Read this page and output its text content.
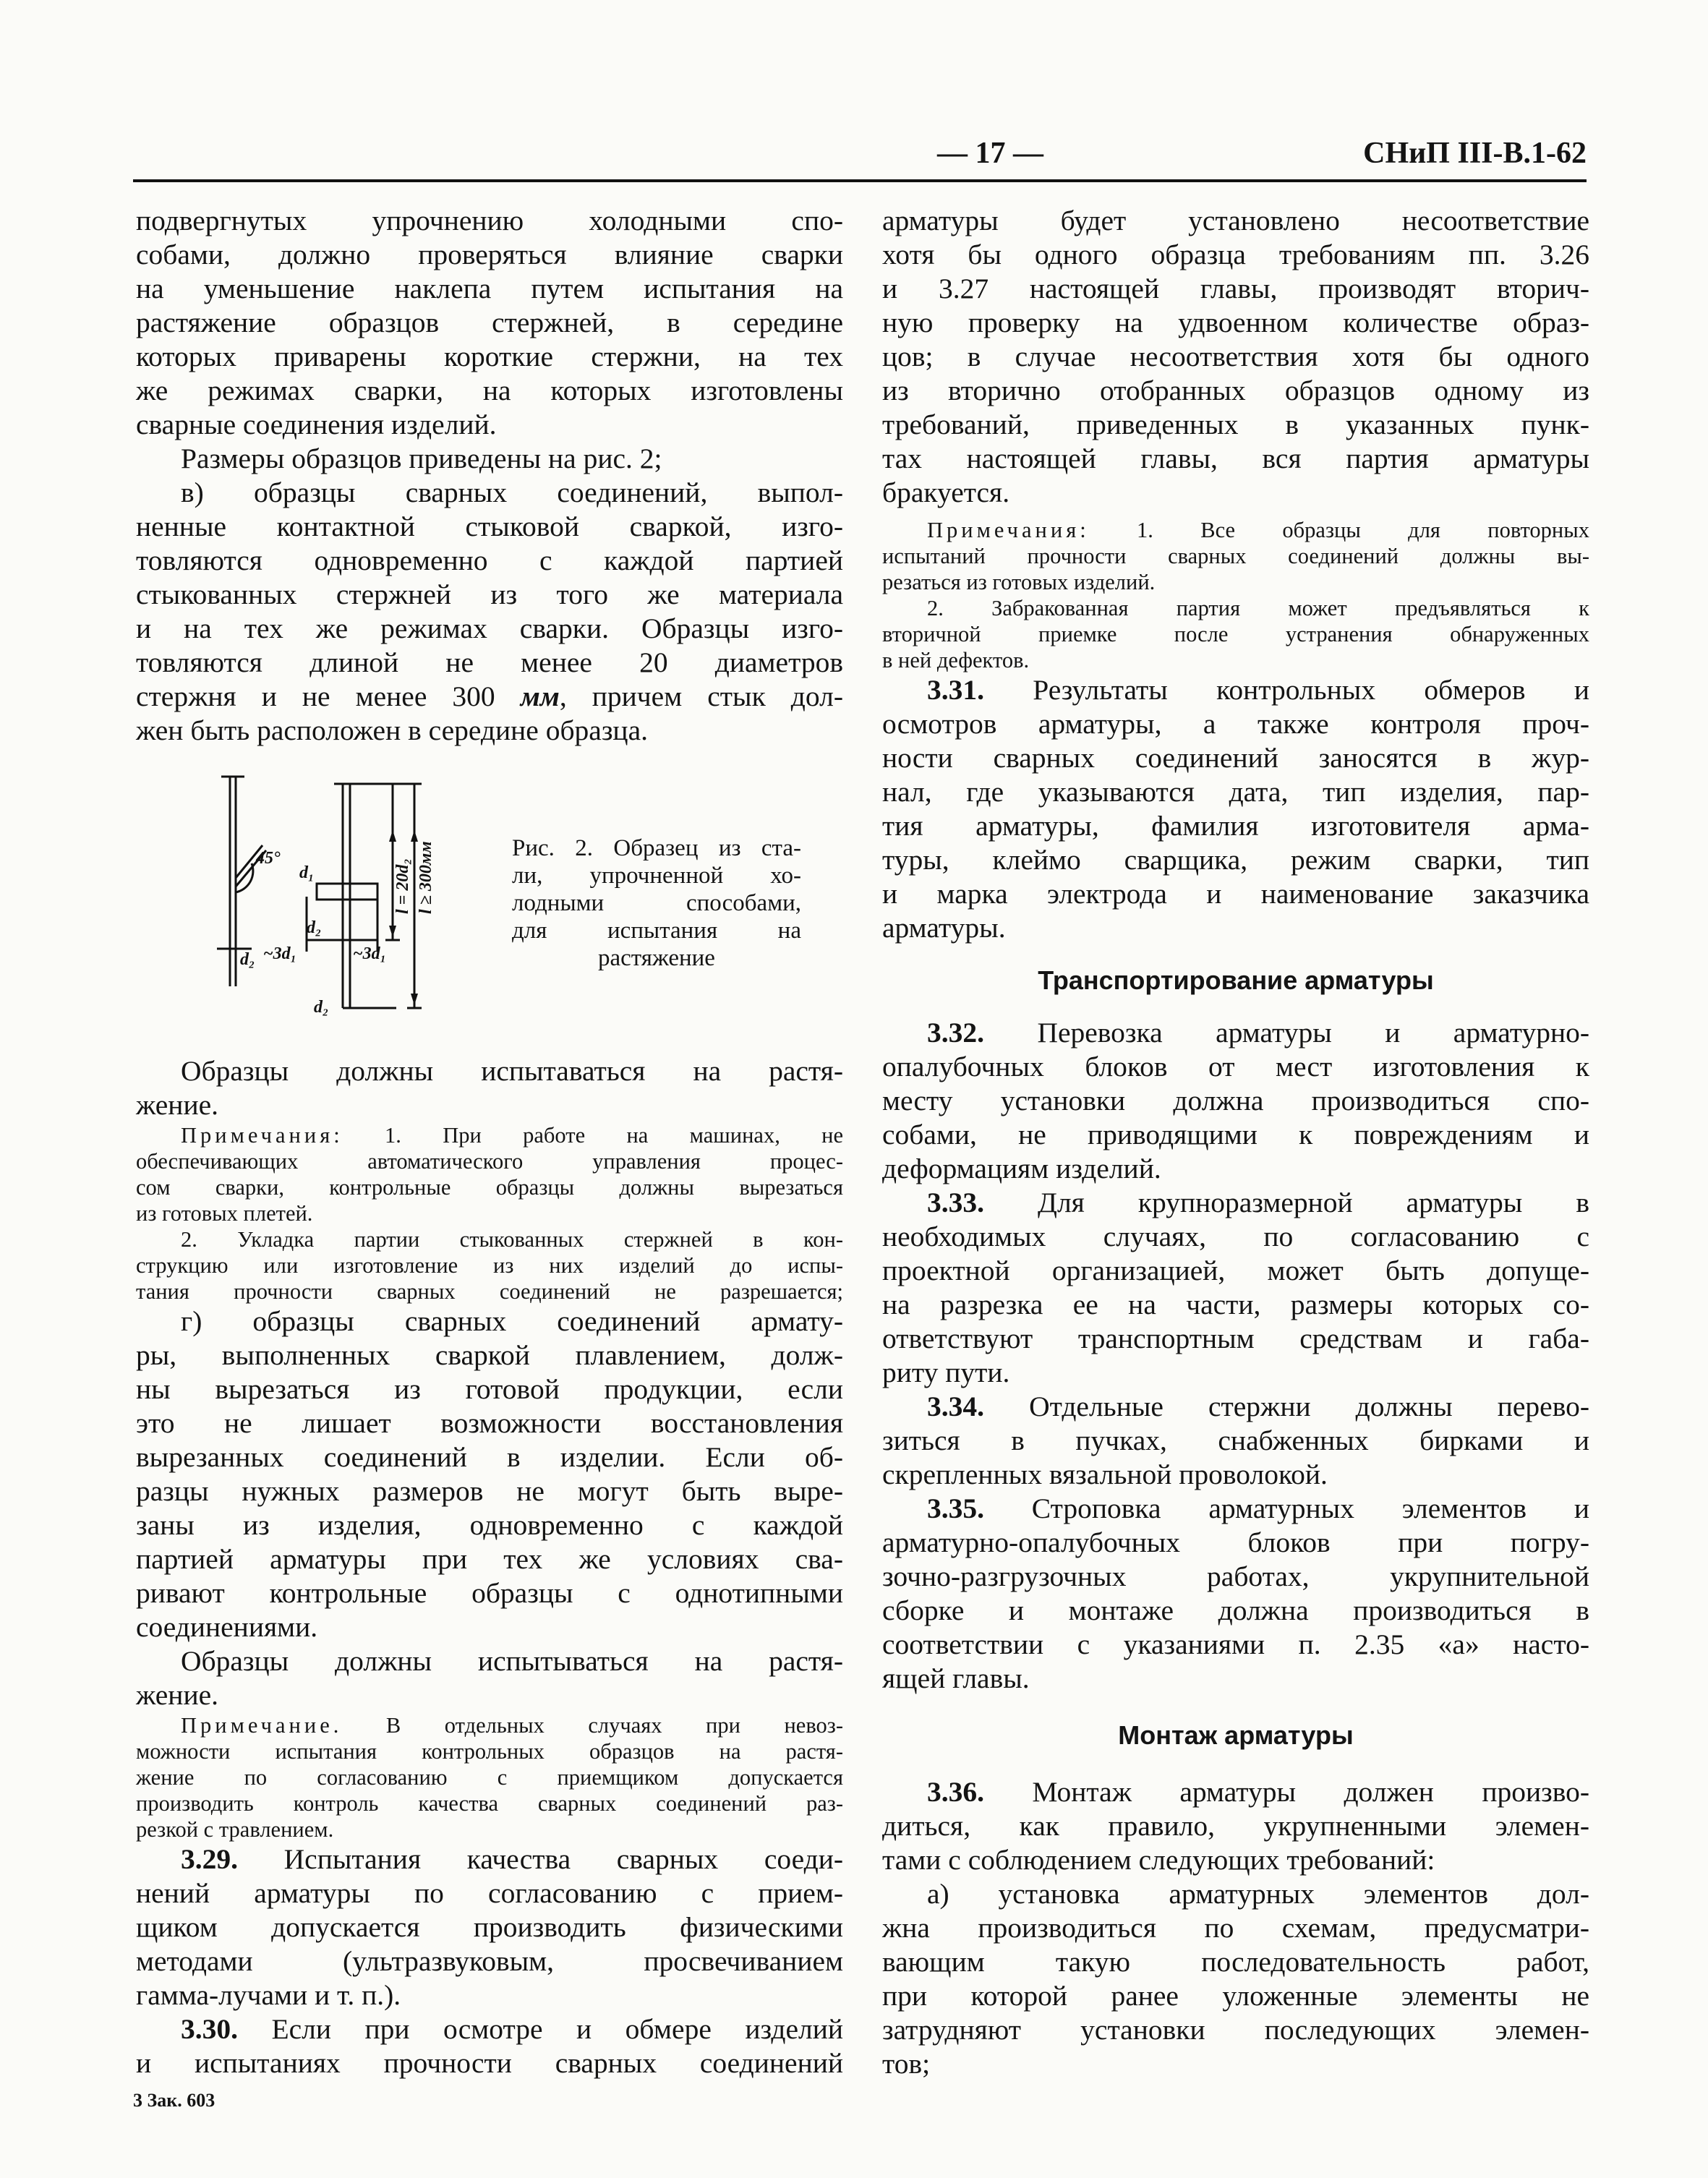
— 17 —	СНиП III-В.1-62

подвергнутых упрочнению холодными спо-

собами, должно проверяться влияние сварки

на уменьшение наклепа путем испытания на

растяжение образцов стержней, в середине

которых приварены короткие стержни, на тех

же режимах сварки, на которых изготовлены

сварные соединения изделий.

Размеры образцов приведены на рис. 2;

в) образцы сварных соединений, выпол-

ненные контактной стыковой сваркой, изго-

товляются одновременно с каждой партией

стыкованных стержней из того же материала

и на тех же режимах сварки. Образцы изго-

товляются длиной не менее 20 диаметров

стержня и не менее 300 мм, причем стык дол-

жен быть расположен в середине образца.

45°
d₂
d₁
d₂
~3d₁	~3d₁
d₂
l = 20d₂ l ≥ 300мм	Рис. 2. Образец из ста-

ли, упрочненной хо-

лодными способами,

для испытания на

растяжение

Образцы должны испытаваться на растя-

жение.

Примечания: 1. При работе на машинах, не

обеспечивающих автоматического управления процес-

сом сварки, контрольные образцы должны вырезаться

из готовых плетей.

2. Укладка партии стыкованных стержней в кон-

струкцию или изготовление из них изделий до испы-

тания прочности сварных соединений не разрешается;

г) образцы сварных соединений армату-

ры, выполненных сваркой плавлением, долж-

ны вырезаться из готовой продукции, если

это не лишает возможности восстановления

вырезанных соединений в изделии. Если об-

разцы нужных размеров не могут быть выре-

заны из изделия, одновременно с каждой

партией арматуры при тех же условиях сва-

ривают контрольные образцы с однотипными

соединениями.

Образцы должны испытываться на растя-

жение.

Примечание. В отдельных случаях при невоз-

можности испытания контрольных образцов на растя-

жение по согласованию с приемщиком допускается

производить контроль качества сварных соединений раз-

резкой с травлением.

3.29. Испытания качества сварных соеди-

нений арматуры по согласованию с прием-

щиком допускается производить физическими

методами (ультразвуковым, просвечиванием

гамма-лучами и т. п.).

3.30. Если при осмотре и обмере изделий

и испытаниях прочности сварных соединений

арматуры будет установлено несоответствие

хотя бы одного образца требованиям пп. 3.26

и 3.27 настоящей главы, производят вторич-

ную проверку на удвоенном количестве образ-

цов; в случае несоответствия хотя бы одного

из вторично отобранных образцов одному из

требований, приведенных в указанных пунк-

тах настоящей главы, вся партия арматуры

бракуется.

Примечания: 1. Все образцы для повторных

испытаний прочности сварных соединений должны вы-

резаться из готовых изделий.

2. Забракованная партия может предъявляться к

вторичной приемке после устранения обнаруженных

в ней дефектов.

3.31. Результаты контрольных обмеров и

осмотров арматуры, а также контроля проч-

ности сварных соединений заносятся в жур-

нал, где указываются дата, тип изделия, пар-

тия арматуры, фамилия изготовителя арма-

туры, клеймо сварщика, режим сварки, тип

и марка электрода и наименование заказчика

арматуры.

Транспортирование арматуры

3.32. Перевозка арматуры и арматурно-

опалубочных блоков от мест изготовления к

месту установки должна производиться спо-

собами, не приводящими к повреждениям и

деформациям изделий.

3.33. Для крупноразмерной арматуры в

необходимых случаях, по согласованию с

проектной организацией, может быть допуще-

на разрезка ее на части, размеры которых со-

ответствуют транспортным средствам и габа-

риту пути.

3.34. Отдельные стержни должны перево-

зиться в пучках, снабженных бирками и

скрепленных вязальной проволокой.

3.35. Строповка арматурных элементов и

арматурно-опалубочных блоков при погру-

зочно-разгрузочных работах, укрупнительной

сборке и монтаже должна производиться в

соответствии с указаниями п. 2.35 «а» насто-

ящей главы.

Монтаж арматуры

3.36. Монтаж арматуры должен произво-

диться, как правило, укрупненными элемен-

тами с соблюдением следующих требований:

а) установка арматурных элементов дол-

жна производиться по схемам, предусматри-

вающим такую последовательность работ,

при которой ранее уложенные элементы не

затрудняют установки последующих элемен-

тов;

3 Зак. 603
